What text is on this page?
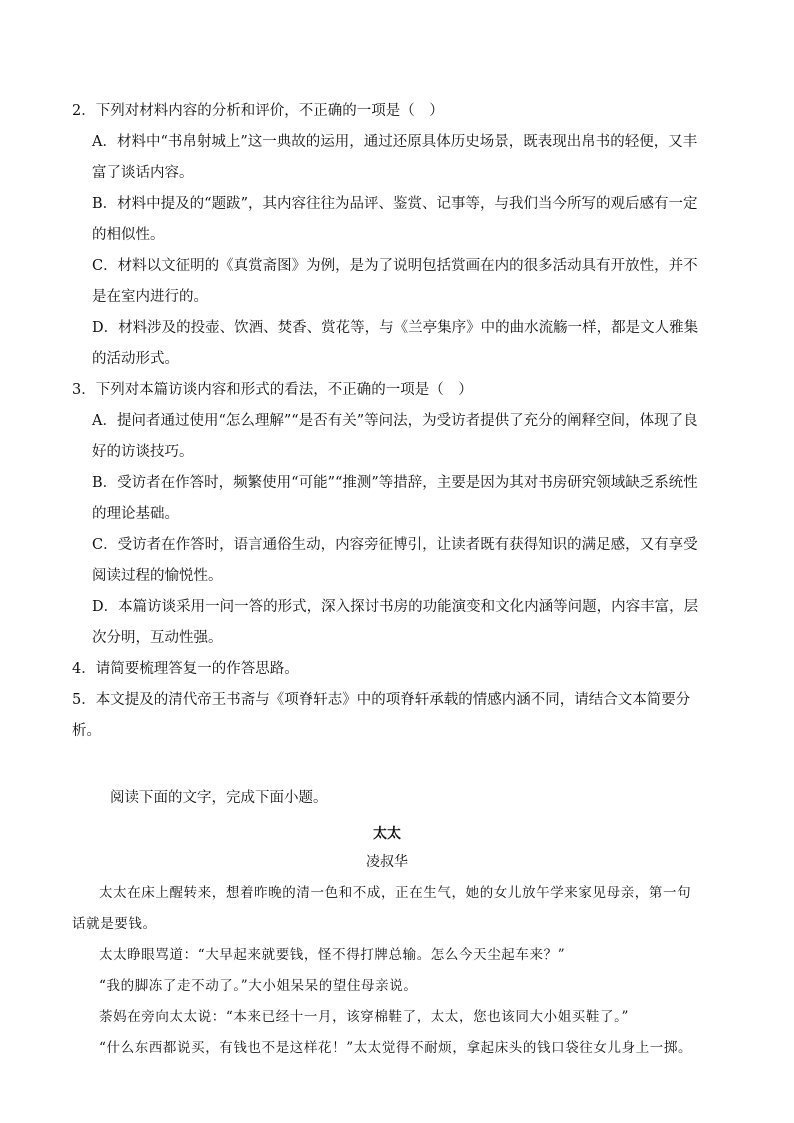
2．下列对材料内容的分析和评价，不正确的一项是（　）

A．材料中“书帛射城上”这一典故的运用，通过还原具体历史场景，既表现出帛书的轻便，又丰富了谈话内容。

B．材料中提及的“题跋”，其内容往往为品评、鉴赏、记事等，与我们当今所写的观后感有一定的相似性。

C．材料以文征明的《真赏斋图》为例，是为了说明包括赏画在内的很多活动具有开放性，并不是在室内进行的。

D．材料涉及的投壶、饮酒、焚香、赏花等，与《兰亭集序》中的曲水流觞一样，都是文人雅集的活动形式。

3．下列对本篇访谈内容和形式的看法，不正确的一项是（　）

A．提问者通过使用“怎么理解”“是否有关”等问法，为受访者提供了充分的阐释空间，体现了良好的访谈技巧。

B．受访者在作答时，频繁使用“可能”“推测”等措辞，主要是因为其对书房研究领域缺乏系统性的理论基础。

C．受访者在作答时，语言通俗生动，内容旁征博引，让读者既有获得知识的满足感，又有享受阅读过程的愉悦性。

D．本篇访谈采用一问一答的形式，深入探讨书房的功能演变和文化内涵等问题，内容丰富，层次分明，互动性强。

4．请简要梳理答复一的作答思路。

5．本文提及的清代帝王书斋与《项脊轩志》中的项脊轩承载的情感内涵不同，请结合文本简要分析。

阅读下面的文字，完成下面小题。
太太
凌叔华

太太在床上醒转来，想着昨晚的清一色和不成，正在生气，她的女儿放午学来家见母亲，第一句话就是要钱。

太太睁眼骂道：“大早起来就要钱，怪不得打牌总输。怎么今天尘起车来？”

“我的脚冻了走不动了。”大小姐呆呆的望住母亲说。

荼妈在旁向太太说：“本来已经十一月，该穿棉鞋了，太太，您也该同大小姐买鞋了。”

“什么东西都说买，有钱也不是这样花！”太太觉得不耐烦，拿起床头的钱口袋往女儿身上一掷。
